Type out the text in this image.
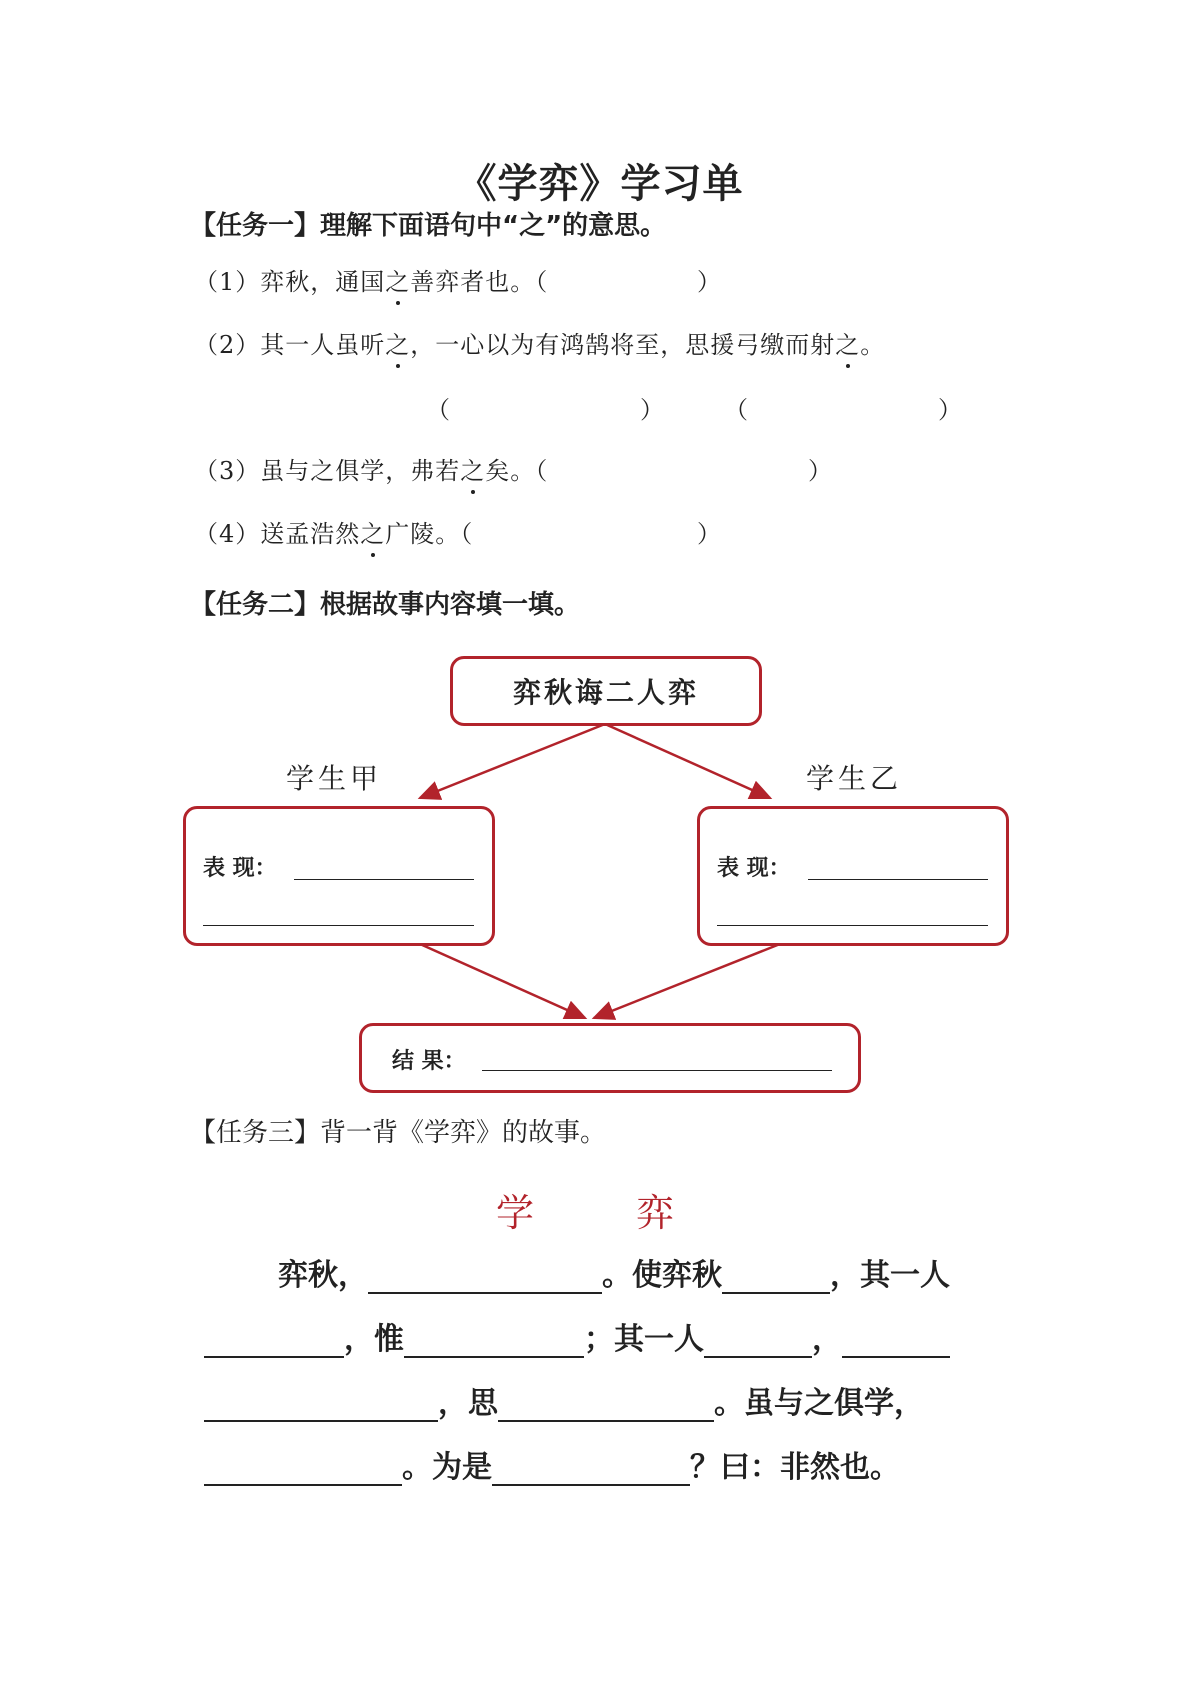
《学弈》学习单
【任务一】理解下面语句中“之”的意思。
（1）弈秋，通国之善弈者也。（	）
（2）其一人虽听之，一心以为有鸿鹄将至，思援弓缴而射之。
（	）	（	）
（3）虽与之俱学，弗若之矣。（	）
（4）送孟浩然之广陵。（	）
【任务二】根据故事内容填一填。
弈秋诲二人弈
学生甲	学生乙
表 现：	表 现：
结 果：
【任务三】背一背《学弈》的故事。
学 弈
弈秋，	。使弈秋	，其一人
，惟	；其一人	，
，思	。虽与之俱学，
。为是	？曰：非然也。
